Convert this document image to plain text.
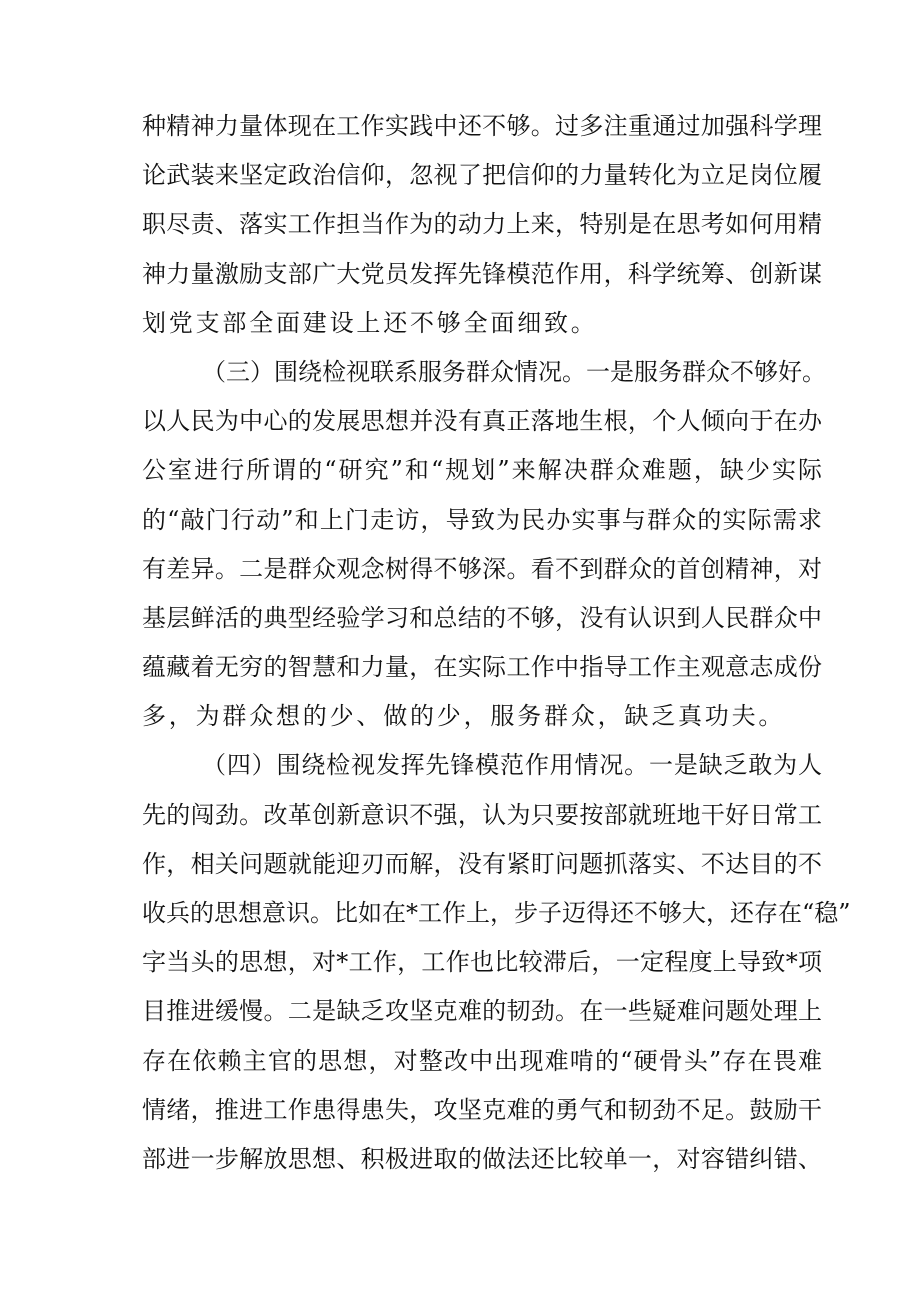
种精神力量体现在工作实践中还不够。过多注重通过加强科学理
论武装来坚定政治信仰，忽视了把信仰的力量转化为立足岗位履
职尽责、落实工作担当作为的动力上来，特别是在思考如何用精
神力量激励支部广大党员发挥先锋模范作用，科学统筹、创新谋
划党支部全面建设上还不够全面细致。
（三）围绕检视联系服务群众情况。一是服务群众不够好。
以人民为中心的发展思想并没有真正落地生根，个人倾向于在办
公室进行所谓的“研究”和“规划”来解决群众难题，缺少实际
的“敲门行动”和上门走访，导致为民办实事与群众的实际需求
有差异。二是群众观念树得不够深。看不到群众的首创精神，对
基层鲜活的典型经验学习和总结的不够，没有认识到人民群众中
蕴藏着无穷的智慧和力量，在实际工作中指导工作主观意志成份
多，为群众想的少、做的少，服务群众，缺乏真功夫。
（四）围绕检视发挥先锋模范作用情况。一是缺乏敢为人
先的闯劲。改革创新意识不强，认为只要按部就班地干好日常工
作，相关问题就能迎刃而解，没有紧盯问题抓落实、不达目的不
收兵的思想意识。比如在*工作上，步子迈得还不够大，还存在“稳”
字当头的思想，对*工作，工作也比较滞后，一定程度上导致*项
目推进缓慢。二是缺乏攻坚克难的韧劲。在一些疑难问题处理上
存在依赖主官的思想，对整改中出现难啃的“硬骨头”存在畏难
情绪，推进工作患得患失，攻坚克难的勇气和韧劲不足。鼓励干
部进一步解放思想、积极进取的做法还比较单一，对容错纠错、
